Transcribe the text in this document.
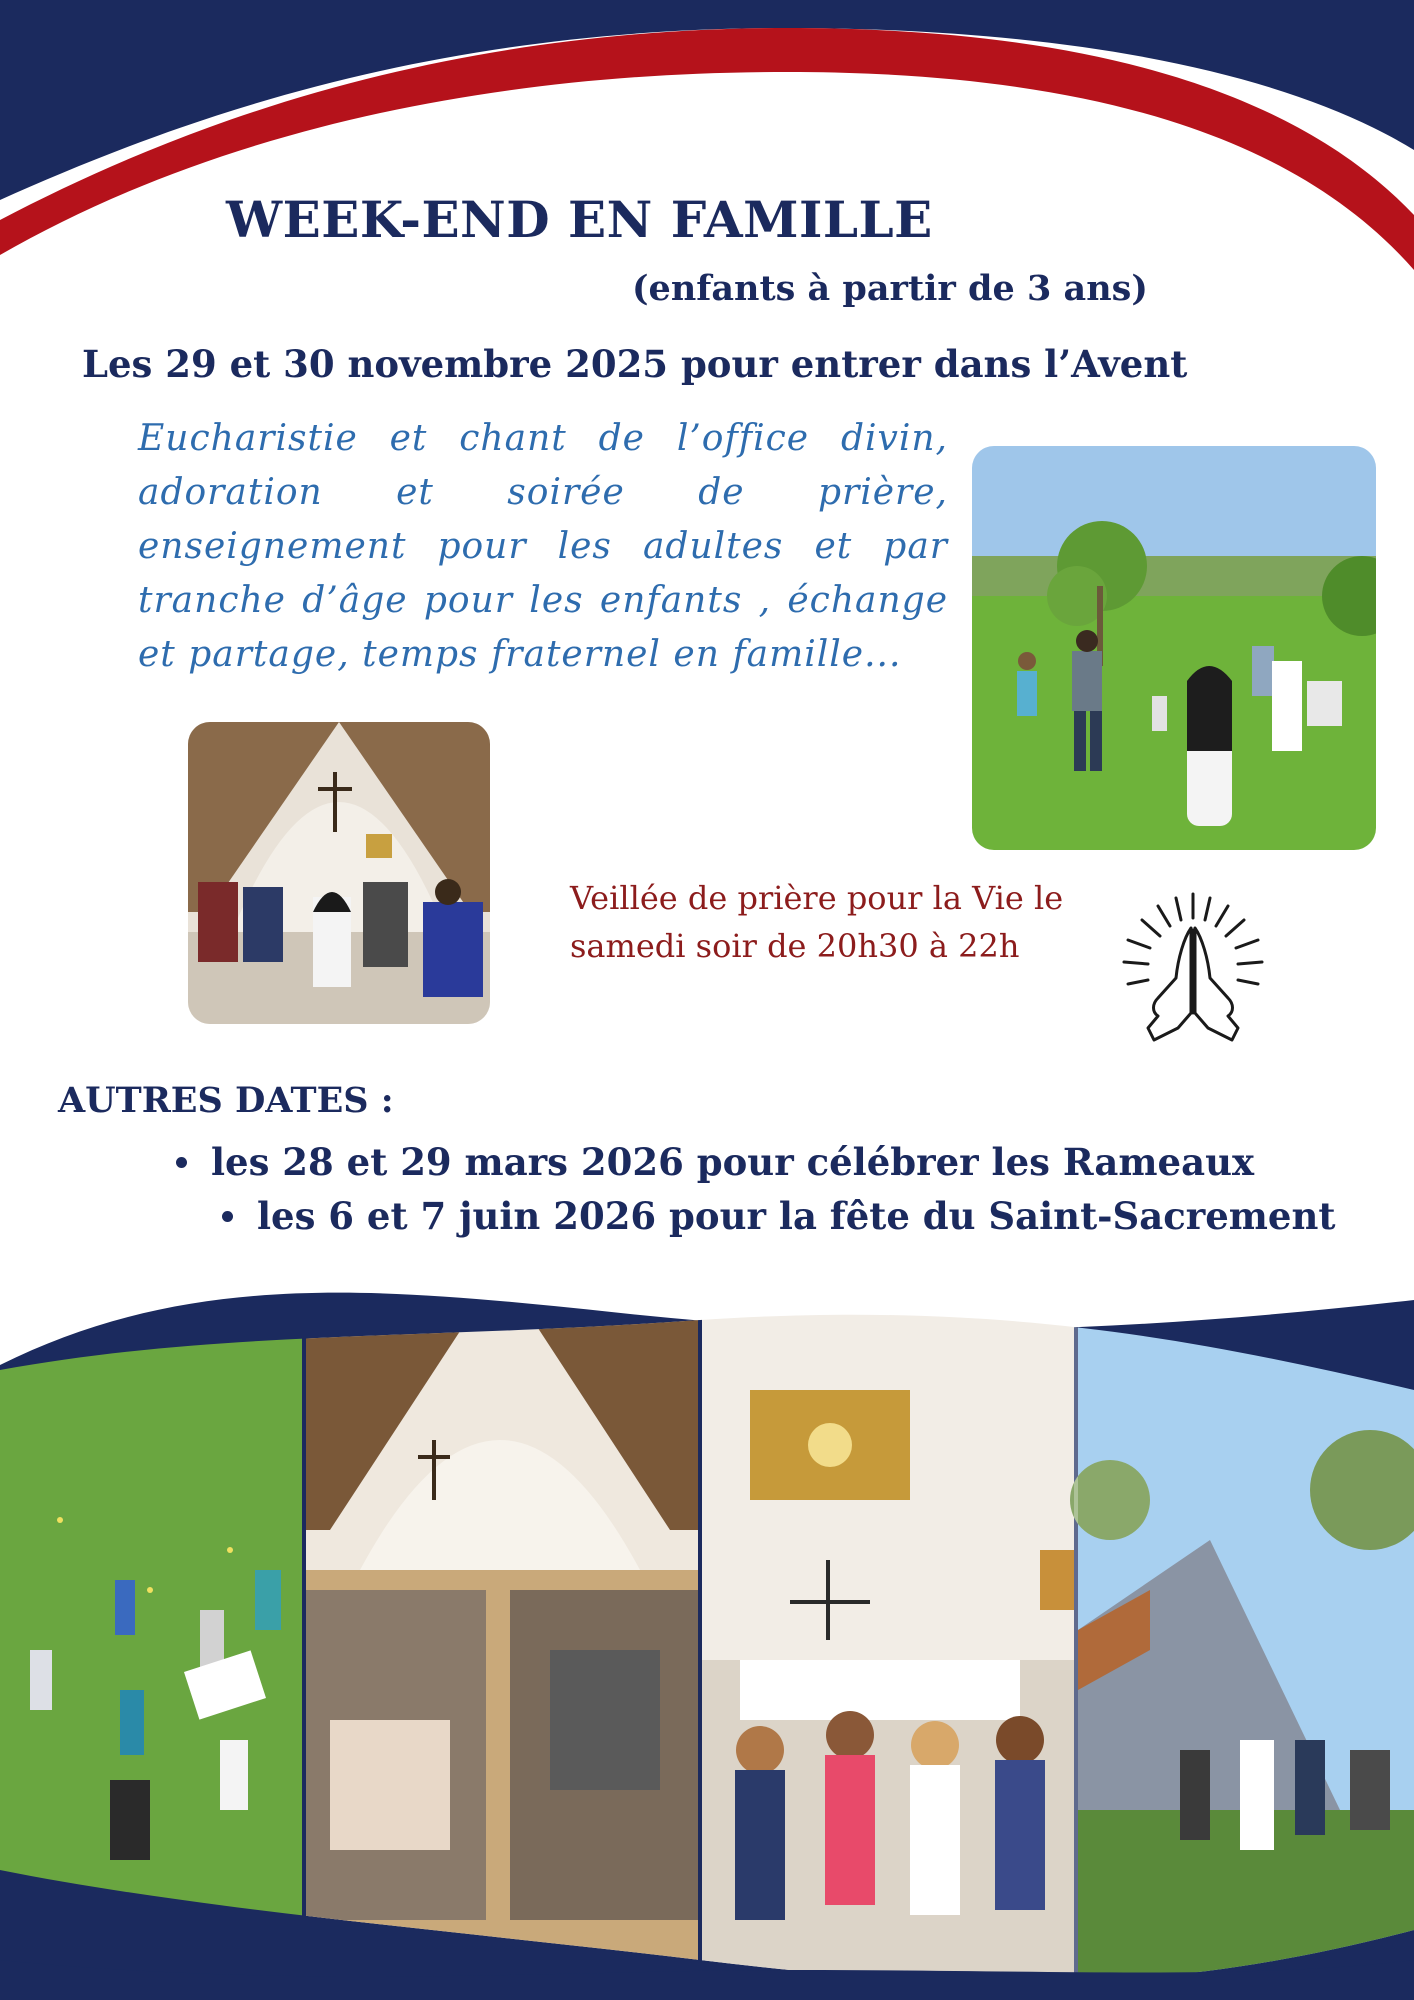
WEEK-END EN FAMILLE
(enfants à partir de 3 ans)
Les 29 et 30 novembre 2025 pour entrer dans l’Avent

Eucharistie et chant de l’office divin,

adoration et soirée de prière,

enseignement pour les adultes et par

tranche d’âge pour les enfants , échange

et partage, temps fraternel en famille...

Veillée de prière pour la Vie le
samedi soir de 20h30 à 22h
AUTRES DATES :
les 28 et 29 mars 2026 pour célébrer les Rameaux
les 6 et 7 juin 2026 pour la fête du Saint-Sacrement
